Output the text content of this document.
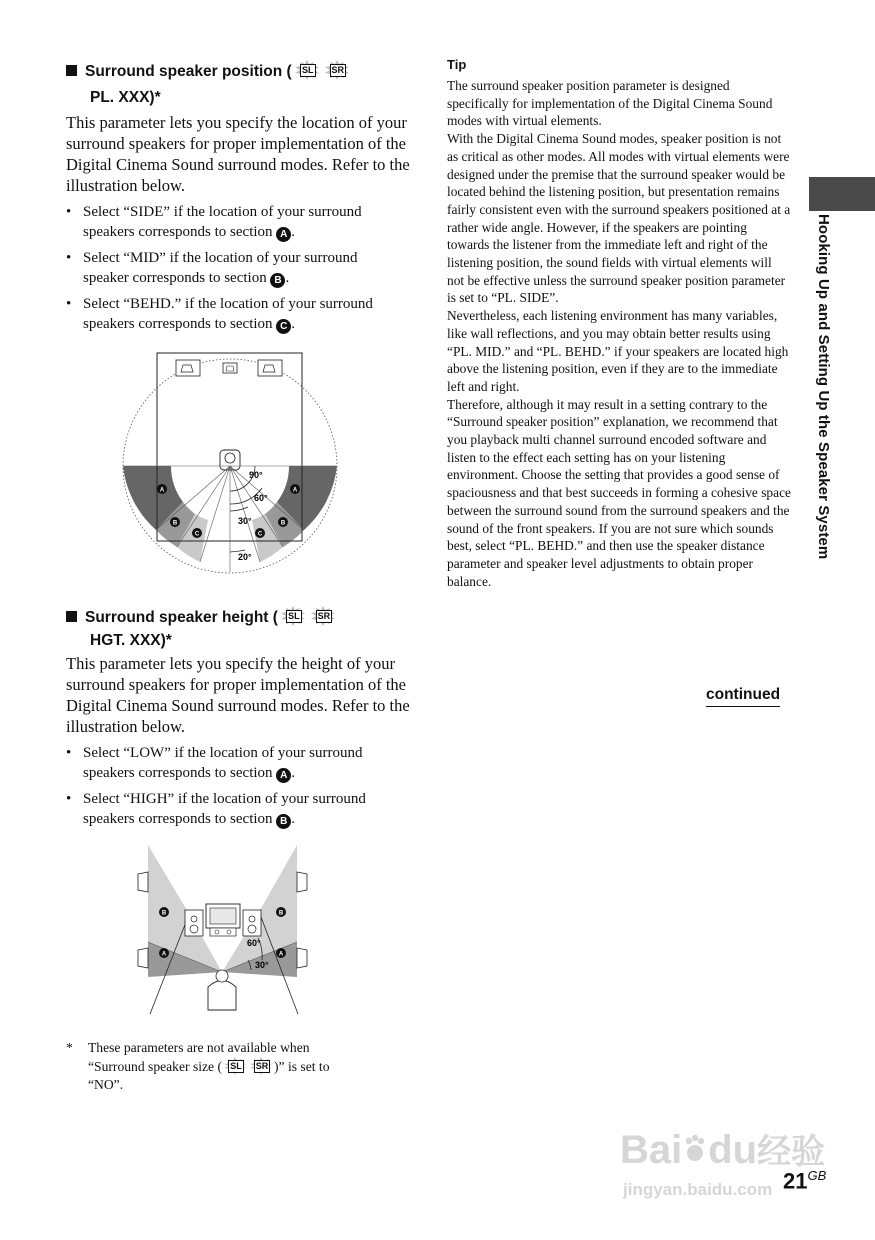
Surround speaker position ( SL SR
PL. XXX)*
This parameter lets you specify the location of your surround speakers for proper implementation of the Digital Cinema Sound surround modes. Refer to the illustration below.
• Select “SIDE” if the location of your surround speakers corresponds to section A .
• Select “MID” if the location of your surround speaker corresponds to section B .
• Select “BEHD.” if the location of your surround speakers corresponds to section C .
90°
60°
30°
20°
A
B
C
A
B
C
Surround speaker height ( SL SR
HGT. XXX)*
This parameter lets you specify the height of your surround speakers for proper implementation of the Digital Cinema Sound surround modes. Refer to the illustration below.
• Select “LOW” if the location of your surround speakers corresponds to section A .
• Select “HIGH” if the location of your surround speakers corresponds to section B .
60°
30°
B
A
B
A
* These parameters are not available when
“Surround speaker size ( SL SR )” is set to
“NO”.
Tip

The surround speaker position parameter is designed specifically for implementation of the Digital Cinema Sound modes with virtual elements.

With the Digital Cinema Sound modes, speaker position is not as critical as other modes. All modes with virtual elements were designed under the premise that the surround speaker would be located behind the listening position, but presentation remains fairly consistent even with the surround speakers positioned at a rather wide angle. However, if the speakers are pointing towards the listener from the immediate left and right of the listening position, the sound fields with virtual elements will not be effective unless the surround speaker position parameter is set to “PL. SIDE”.

Nevertheless, each listening environment has many variables, like wall reflections, and you may obtain better results using “PL. MID.” and “PL. BEHD.” if your speakers are located high above the listening position, even if they are to the immediate left and right.

Therefore, although it may result in a setting contrary to the “Surround speaker position” explanation, we recommend that you playback multi channel surround encoded software and listen to the effect each setting has on your listening environment. Choose the setting that provides a good sense of spaciousness and that best succeeds in forming a cohesive space between the surround sound from the surround speakers and the sound of the front speakers. If you are not sure which sounds best, select “PL. BEHD.” and then use the speaker distance parameter and speaker level adjustments to obtain proper balance.

continued
Hooking Up and Setting Up the Speaker System
Bai du经验
jingyan.baidu.com $21^{GB}$
